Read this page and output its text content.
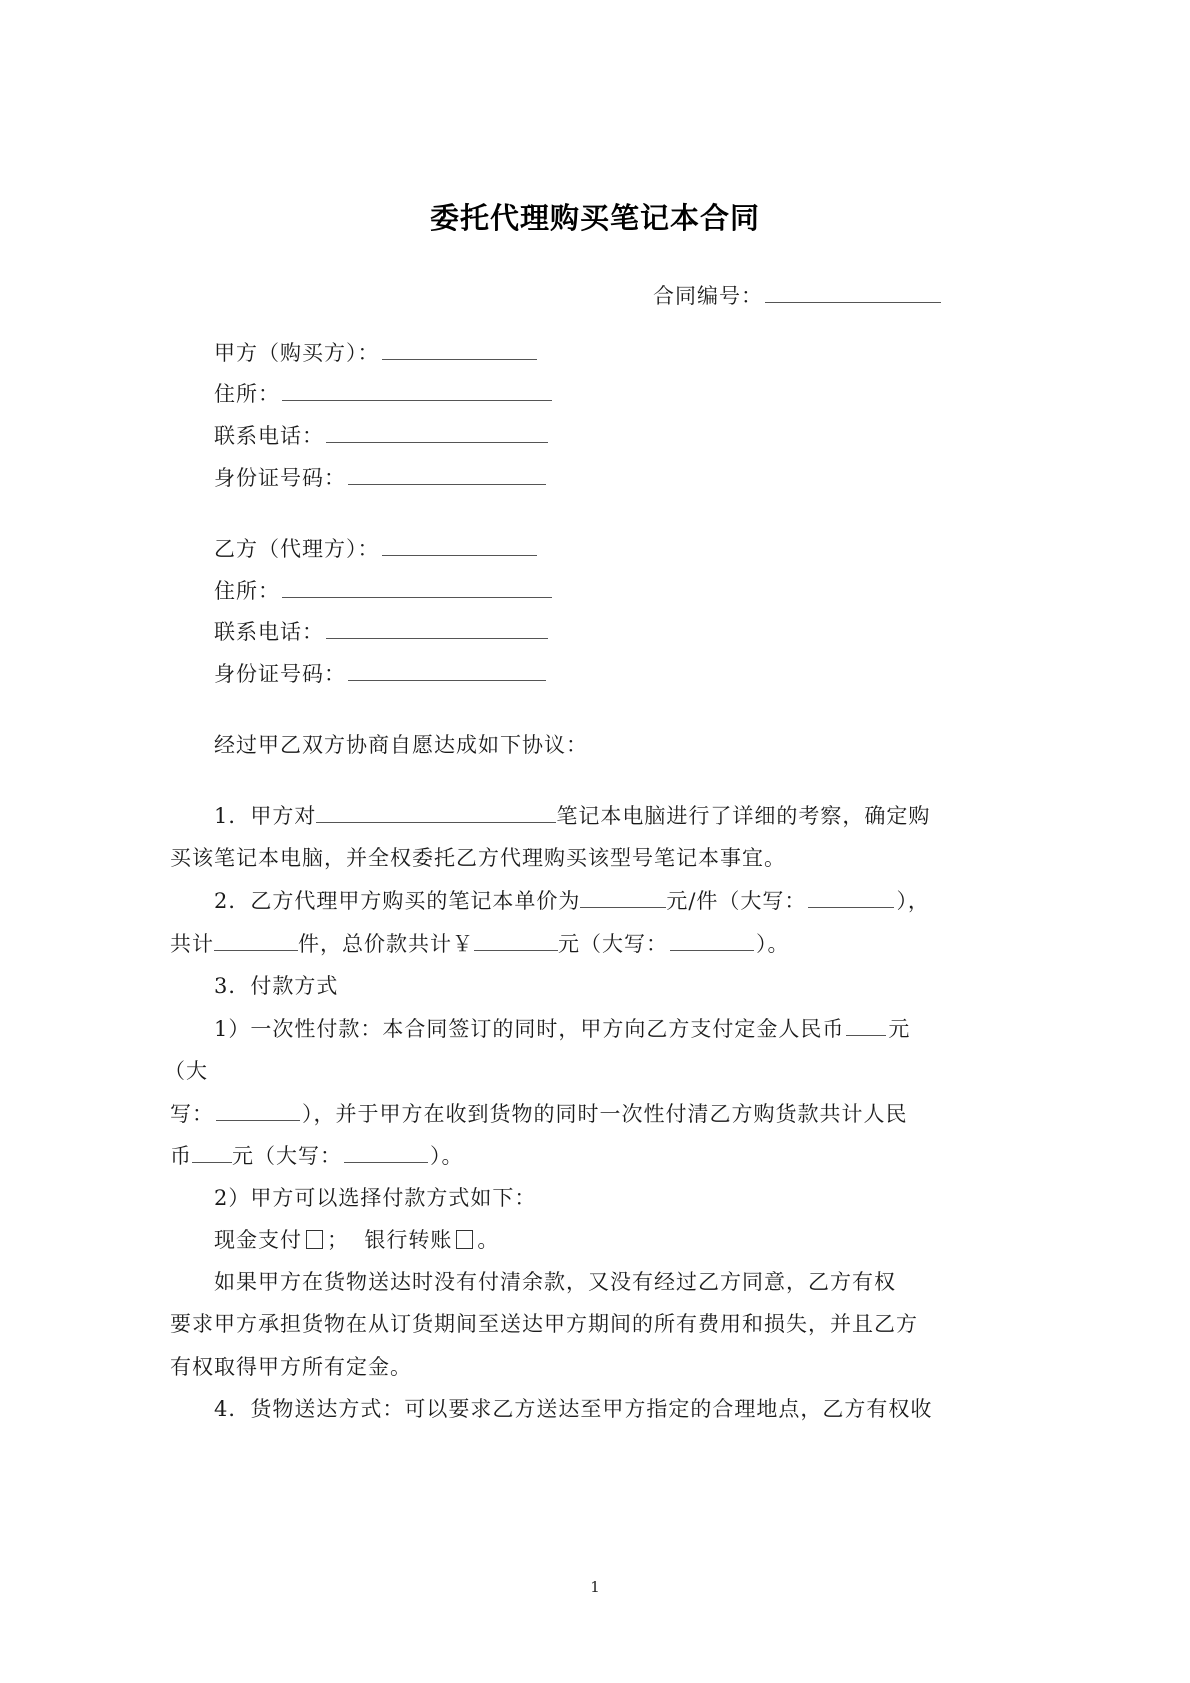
委托代理购买笔记本合同
合同编号：
甲方（购买方）：
住所：
联系电话：
身份证号码：
乙方（代理方）：
住所：
联系电话：
身份证号码：
经过甲乙双方协商自愿达成如下协议：
1．甲方对	笔记本电脑进行了详细的考察，确定购
买该笔记本电脑，并全权委托乙方代理购买该型号笔记本事宜。
2．乙方代理甲方购买的笔记本单价为	元/件（大写：	），
共计	件，总价款共计￥	元（大写：	）。
3．付款方式
1）一次性付款：本合同签订的同时，甲方向乙方支付定金人民币 元
（大
写：	），并于甲方在收到货物的同时一次性付清乙方购货款共计人民
币 元（大写：	）。
2）甲方可以选择付款方式如下：
现金支付 ； 银行转账 。
如果甲方在货物送达时没有付清余款，又没有经过乙方同意，乙方有权
要求甲方承担货物在从订货期间至送达甲方期间的所有费用和损失，并且乙方
有权取得甲方所有定金。
4．货物送达方式：可以要求乙方送达至甲方指定的合理地点，乙方有权收
1
